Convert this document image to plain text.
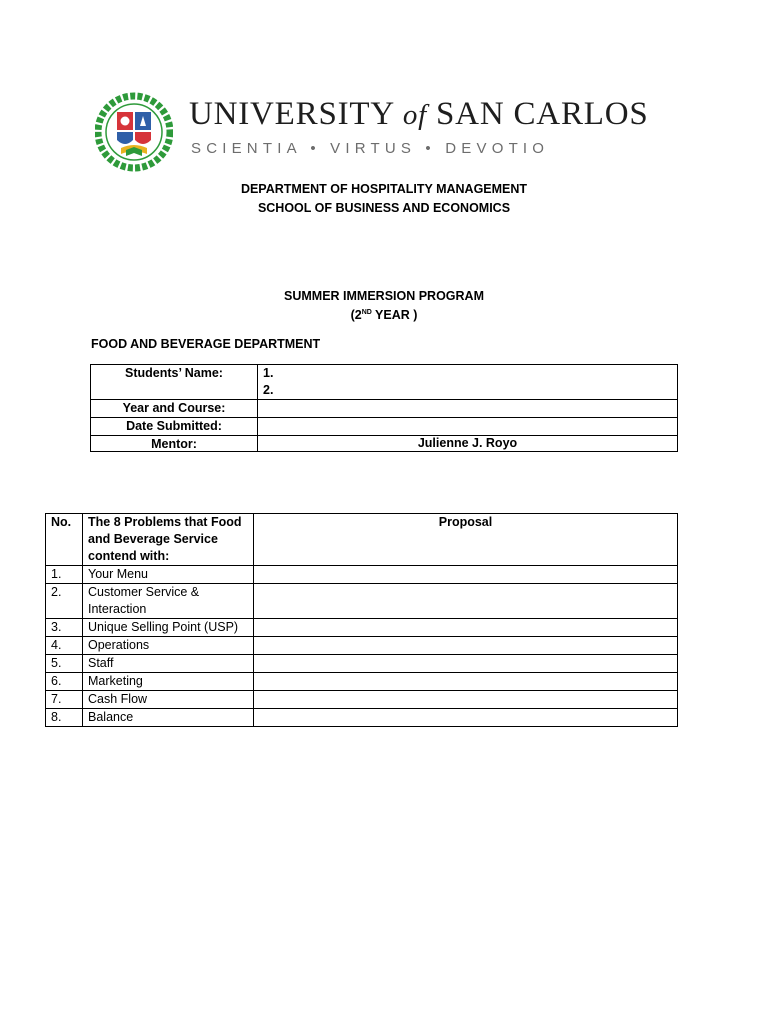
UNIVERSITY of SAN CARLOS
SCIENTIA • VIRTUS • DEVOTIO
DEPARTMENT OF HOSPITALITY MANAGEMENT
SCHOOL OF BUSINESS AND ECONOMICS
SUMMER IMMERSION PROGRAM
(2ND YEAR )
FOOD AND BEVERAGE DEPARTMENT
Students’ Name:	1.
2.

Year and Course:	
Date Submitted:	
Mentor:	Julienne J. Royo
No.	The 8 Problems that Food and Beverage Service contend with:	Proposal
1.	Your Menu	
2.	Customer Service & Interaction	
3.	Unique Selling Point (USP)	
4.	Operations	
5.	Staff	
6.	Marketing	
7.	Cash Flow	
8.	Balance	
